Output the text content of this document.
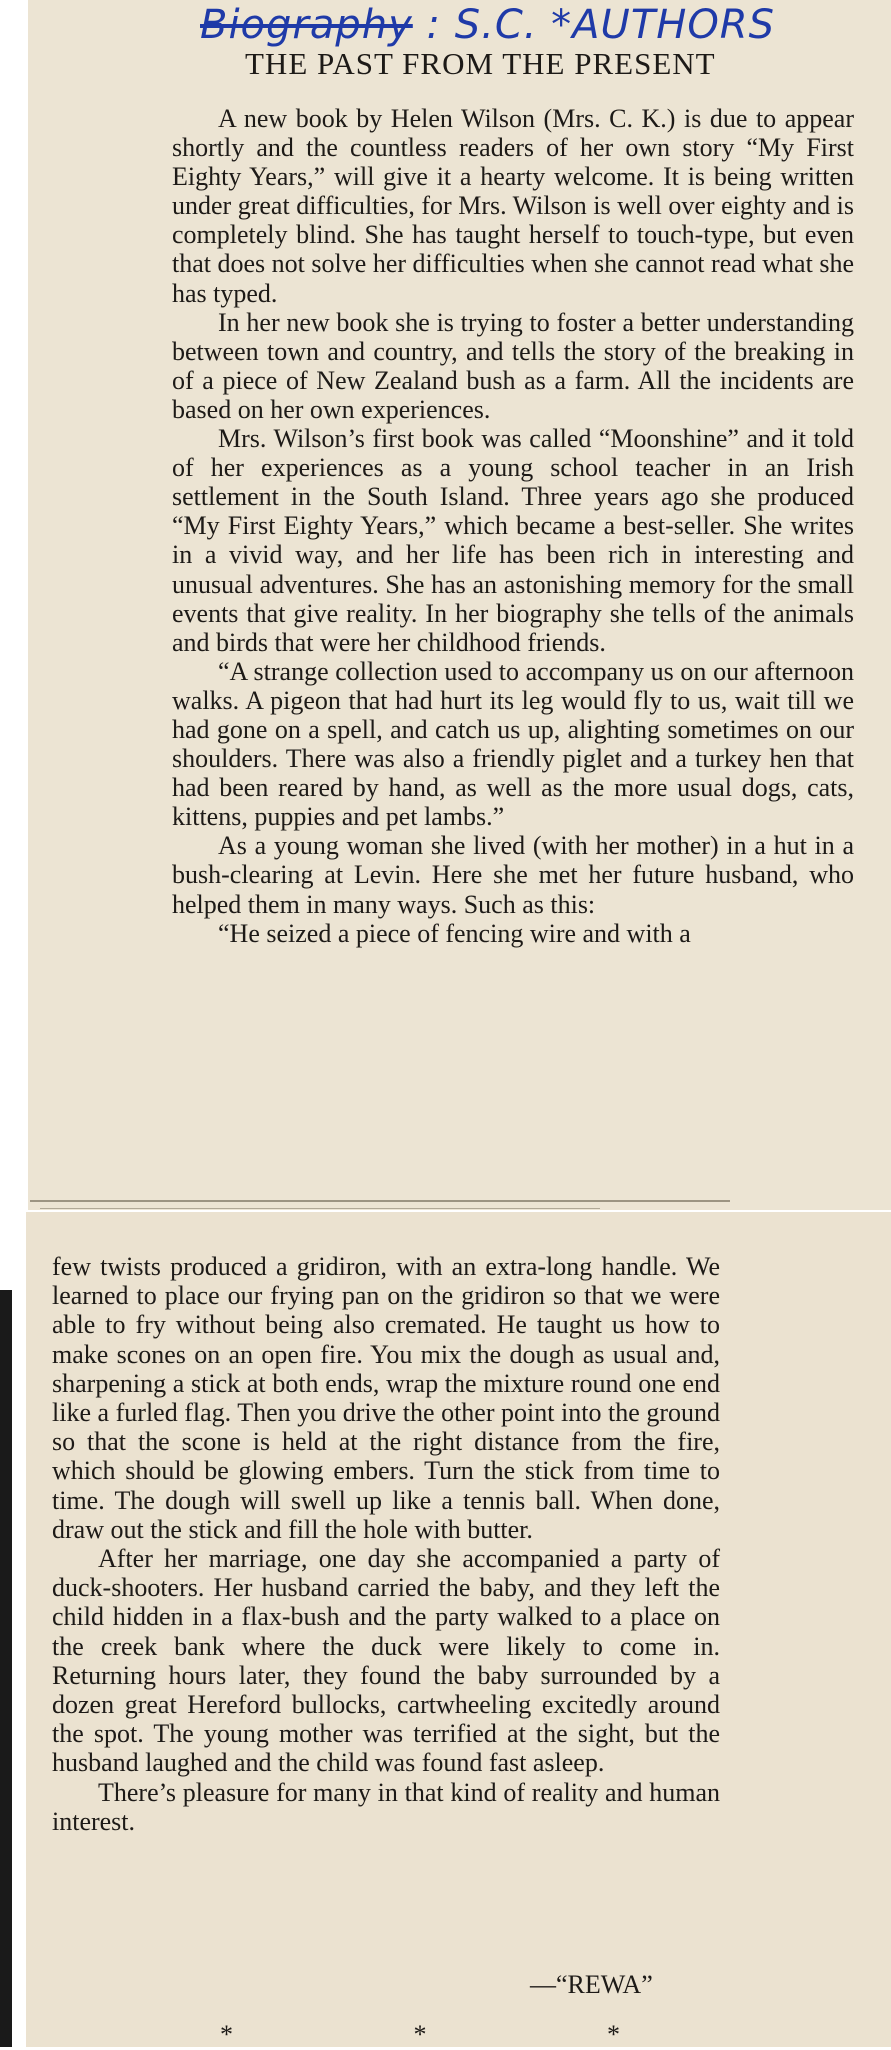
Biography : S.C. *AUTHORS
THE PAST FROM THE PRESENT

A new book by Helen Wilson (Mrs. C. K.) is due to appear shortly and the countless readers of her own story “My First Eighty Years,” will give it a hearty welcome. It is being written under great difficulties, for Mrs. Wilson is well over eighty and is completely blind. She has taught herself to touch-type, but even that does not solve her difficulties when she cannot read what she has typed.

In her new book she is trying to foster a better understanding between town and country, and tells the story of the breaking in of a piece of New Zealand bush as a farm. All the incidents are based on her own experiences.

Mrs. Wilson’s first book was called “Moonshine” and it told of her experiences as a young school teacher in an Irish settlement in the South Island. Three years ago she produced “My First Eighty Years,” which became a best-seller. She writes in a vivid way, and her life has been rich in interesting and unusual adventures. She has an astonishing memory for the small events that give reality. In her biography she tells of the animals and birds that were her childhood friends.

“A strange collection used to accompany us on our afternoon walks. A pigeon that had hurt its leg would fly to us, wait till we had gone on a spell, and catch us up, alighting sometimes on our shoulders. There was also a friendly piglet and a turkey hen that had been reared by hand, as well as the more usual dogs, cats, kittens, puppies and pet lambs.”

As a young woman she lived (with her mother) in a hut in a bush-clearing at Levin. Here she met her future husband, who helped them in many ways. Such as this:

“He seized a piece of fencing wire and with a

few twists produced a gridiron, with an extra-long handle. We learned to place our frying pan on the gridiron so that we were able to fry without being also cremated. He taught us how to make scones on an open fire. You mix the dough as usual and, sharpening a stick at both ends, wrap the mixture round one end like a furled flag. Then you drive the other point into the ground so that the scone is held at the right distance from the fire, which should be glowing embers. Turn the stick from time to time. The dough will swell up like a tennis ball. When done, draw out the stick and fill the hole with butter.

After her marriage, one day she accompanied a party of duck-shooters. Her husband carried the baby, and they left the child hidden in a flax-bush and the party walked to a place on the creek bank where the duck were likely to come in. Returning hours later, they found the baby surrounded by a dozen great Hereford bullocks, cartwheeling excitedly around the spot. The young mother was terrified at the sight, but the husband laughed and the child was found fast asleep.

There’s pleasure for many in that kind of reality and human interest.

—“REWA”
*	*	*
